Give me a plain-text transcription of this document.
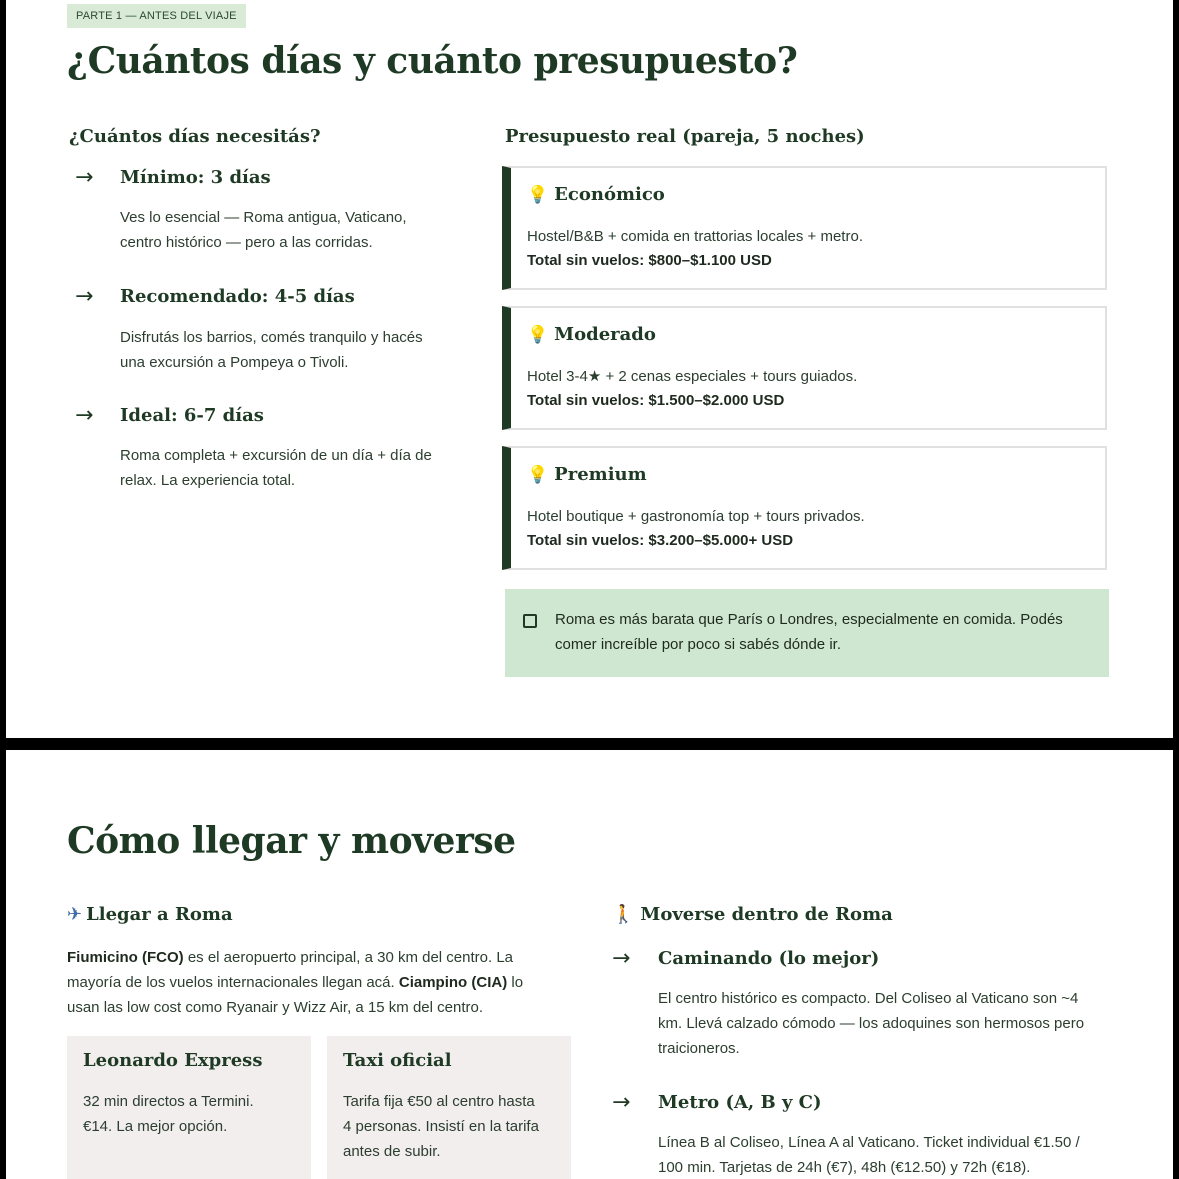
PARTE 1 — ANTES DEL VIAJE
¿Cuántos días y cuánto presupuesto?
¿Cuántos días necesitás?
→ Mínimo: 3 días
Ves lo esencial — Roma antigua, Vaticano,
centro histórico — pero a las corridas.
→ Recomendado: 4-5 días
Disfrutás los barrios, comés tranquilo y hacés
una excursión a Pompeya o Tivoli.
→ Ideal: 6-7 días
Roma completa + excursión de un día + día de
relax. La experiencia total.
Presupuesto real (pareja, 5 noches)
💡 Económico
Hostel/B&B + comida en trattorias locales + metro.
Total sin vuelos: $800–$1.100 USD
💡 Moderado
Hotel 3-4★ + 2 cenas especiales + tours guiados.
Total sin vuelos: $1.500–$2.000 USD
💡 Premium
Hotel boutique + gastronomía top + tours privados.
Total sin vuelos: $3.200–$5.000+ USD
Roma es más barata que París o Londres, especialmente en comida. Podés
comer increíble por poco si sabés dónde ir.
Cómo llegar y moverse
✈ Llegar a Roma
Fiumicino (FCO) es el aeropuerto principal, a 30 km del centro. La
mayoría de los vuelos internacionales llegan acá. Ciampino (CIA) lo
usan las low cost como Ryanair y Wizz Air, a 15 km del centro.
Leonardo Express
32 min directos a Termini.
€14. La mejor opción.
Taxi oficial
Tarifa fija €50 al centro hasta
4 personas. Insistí en la tarifa
antes de subir.
🚶 Moverse dentro de Roma
→ Caminando (lo mejor)
El centro histórico es compacto. Del Coliseo al Vaticano son ~4
km. Llevá calzado cómodo — los adoquines son hermosos pero
traicioneros.
→ Metro (A, B y C)
Línea B al Coliseo, Línea A al Vaticano. Ticket individual €1.50 /
100 min. Tarjetas de 24h (€7), 48h (€12.50) y 72h (€18).
